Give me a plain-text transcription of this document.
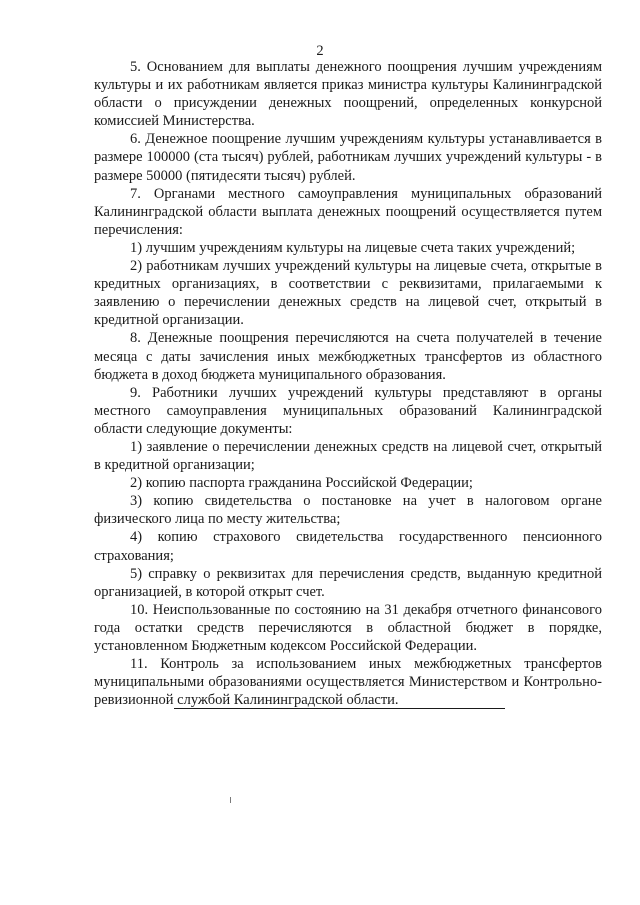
2

5. Основанием для выплаты денежного поощрения лучшим учреждениям культуры и их работникам является приказ министра культуры Калининградской области о присуждении денежных поощрений, определенных конкурсной комиссией Министерства.

6. Денежное поощрение лучшим учреждениям культуры устанавливается в размере 100000 (ста тысяч) рублей, работникам лучших учреждений культуры - в размере 50000 (пятидесяти тысяч) рублей.

7. Органами местного самоуправления муниципальных образований Калининградской области выплата денежных поощрений осуществляется путем перечисления:

1) лучшим учреждениям культуры на лицевые счета таких учреждений;

2) работникам лучших учреждений культуры на лицевые счета, открытые в кредитных организациях, в соответствии с реквизитами, прилагаемыми к заявлению о перечислении денежных средств на лицевой счет, открытый в кредитной организации.

8. Денежные поощрения перечисляются на счета получателей в течение месяца с даты зачисления иных межбюджетных трансфертов из областного бюджета в доход бюджета муниципального образования.

9. Работники лучших учреждений культуры представляют в органы местного самоуправления муниципальных образований Калининградской области следующие документы:

1) заявление о перечислении денежных средств на лицевой счет, открытый в кредитной организации;

2) копию паспорта гражданина Российской Федерации;

3) копию свидетельства о постановке на учет в налоговом органе физического лица по месту жительства;

4) копию страхового свидетельства государственного пенсионного страхования;

5) справку о реквизитах для перечисления средств, выданную кредитной организацией, в которой открыт счет.

10. Неиспользованные по состоянию на 31 декабря отчетного финансового года остатки средств перечисляются в областной бюджет в порядке, установленном Бюджетным кодексом Российской Федерации.

11. Контроль за использованием иных межбюджетных трансфертов муниципальными образованиями осуществляется Министерством и Контрольно-ревизионной службой Калининградской области.
